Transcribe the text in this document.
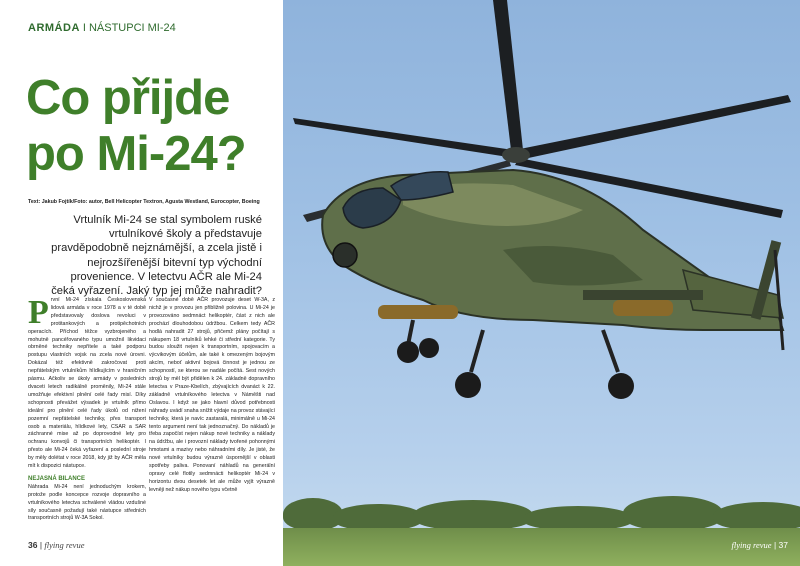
ARMÁDA I NÁSTUPCI MI-24
Co přijde
po Mi-24?
Text: Jakub Fojtík/Foto: autor, Bell Helicopter Textron, Agusta Westland, Eurocopter, Boeing
Vrtulník Mi-24 se stal symbolem ruské vrtulníkové školy a představuje pravděpodobně nejznámější, a zcela jistě i nejrozšířenější bitevní typ východní provenience. V letectvu AČR ale Mi-24 čeká vyřazení. Jaký typ jej může nahradit?
P rvní Mi-24 získala Československá lidová armáda v roce 1978 a v té době představovaly doslova revoluci v protitankových a protipěchotních operacích. Příchod těžce vyzbrojeného a mohutně pancéřovaného typu umožnil likvidaci obrněné techniky nepřítele a také podporu postupu vlastních vojsk na zcela nové úrovni. Dokázal též efektivně zakročovat proti nepřátelským vrtulníkům hlídkujícím v hraničním pásmu. Ačkoliv se úkoly armády v posledních dvaceti letech radikálně proměnily, Mi-24 stále umožňuje efektivní plnění celé řady misí. Díky schopnosti převážet výsadek je vrtulník přímo ideální pro plnění celé řady úkolů od nižení pozemní nepřátelské techniky, přes transport osob a materiálu, hlídkové lety, CSAR a SAR záchranné mise až po doprovodné lety pro ochranu konvojů či transportních helikoptér. I přesto ale Mi-24 čeká vyřazení a poslední stroje by měly dolétat v roce 2018, kdy již by AČR měla mít k dispozici nástupce.
NEJASNÁ BILANCE
Náhrada Mi-24 není jednoduchým krokem, protože podle koncepce rozvoje dopravního a vrtulníkového letectva schválené vládou vzdušné síly současně požadují také nástupce středních transportních strojů W-3A Sokol.
V současné době AČR provozuje deset W-3A, z nichž je v provozu jen přibližně polovina. U Mi-24 je provozováno sedmnáct helikoptér, část z nich ale prochází dlouhodobou údržbou. Celkem tedy AČR hodlá nahradit 27 strojů, přičemž plány počítají s nákupem 18 vrtulníků lehké či střední kategorie. Ty budou sloužit nejen k transportním, spojovacím a výcvikovým účelům, ale také k omezeným bojovým akcím, neboť aktivní bojová činnost je jednou ze schopností, se kterou se nadále počítá. Sest nových strojů by měl být přidělen k 24. základně dopravního letectva v Praze-Kbelích, zbývajících dvanáct k 22. základně vrtulníkového letectva v Náměšti nad Oslavou. I když se jako hlavní důvod potřebnosti náhrady uvádí snaha snížit výdaje na provoz stávající techniky, která je navíc zastaralá, minimálně u Mi-24 tento argument není tak jednoznačný. Do nákladů je třeba započíst nejen nákup nové techniky a náklady na údržbu, ale i provozní náklady tvořené pohonnými hmotami a mazivy nebo náhradními díly. Je jisté, že nové vrtulníky budou výrazně úspornější v oblasti spotřeby paliva. Ponovaní náhladů na generální opravy celé flotily sedmnácti helikoptér Mi-24 v horizontu dvou desetek let ale může vyjít výrazně levněji než nákup nového typu včetně
36 | flying revue	flying revue | 37
